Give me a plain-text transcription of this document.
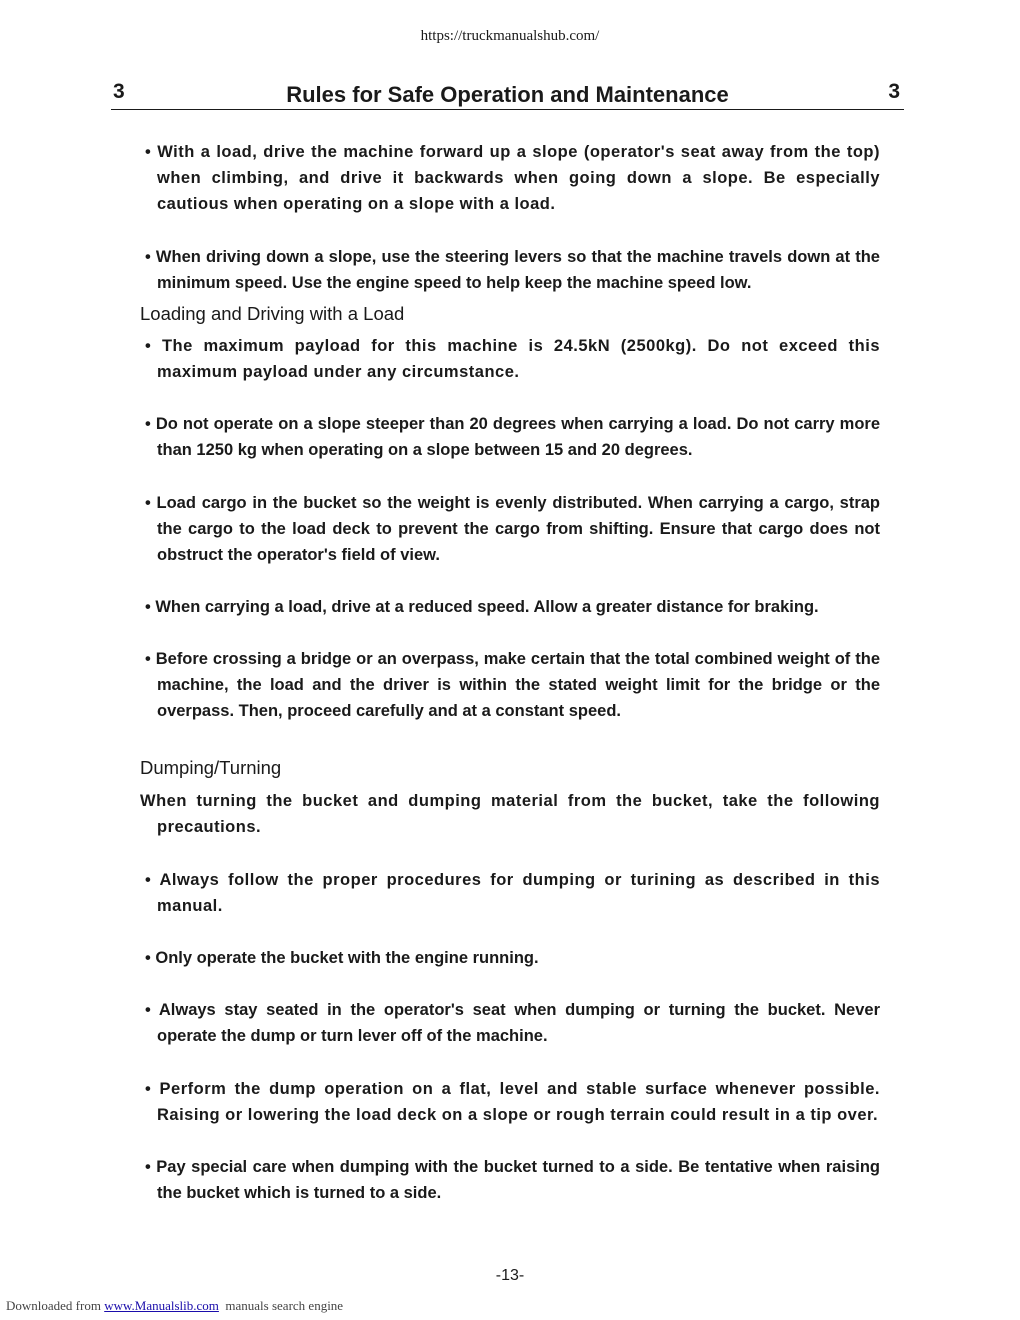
https://truckmanualshub.com/
3	Rules for Safe Operation and Maintenance	3
• With a load, drive the machine forward up a slope (operator's seat away from the top) when climbing, and drive it backwards when going down a slope. Be especially cautious when operating on a slope with a load.
• When driving down a slope, use the steering levers so that the machine travels down at the minimum speed. Use the engine speed to help keep the machine speed low.
Loading and Driving with a Load
• The maximum payload for this machine is 24.5kN (2500kg). Do not exceed this maximum payload under any circumstance.
• Do not operate on a slope steeper than 20 degrees when carrying a load. Do not carry more than 1250 kg when operating on a slope between 15 and 20 degrees.
• Load cargo in the bucket so the weight is evenly distributed. When carrying a cargo, strap the cargo to the load deck to prevent the cargo from shifting. Ensure that cargo does not obstruct the operator's field of view.
• When carrying a load, drive at a reduced speed. Allow a greater distance for braking.
• Before crossing a bridge or an overpass, make certain that the total combined weight of the machine, the load and the driver is within the stated weight limit for the bridge or the overpass. Then, proceed carefully and at a constant speed.
Dumping/Turning
When turning the bucket and dumping material from the bucket, take the following precautions.
• Always follow the proper procedures for dumping or turining as described in this manual.
• Only operate the bucket with the engine running.
• Always stay seated in the operator's seat when dumping or turning the bucket. Never operate the dump or turn lever off of the machine.
• Perform the dump operation on a flat, level and stable surface whenever possible. Raising or lowering the load deck on a slope or rough terrain could result in a tip over.
• Pay special care when dumping with the bucket turned to a side. Be tentative when raising the bucket which is turned to a side.
-13-
Downloaded from www.Manualslib.com  manuals search engine
